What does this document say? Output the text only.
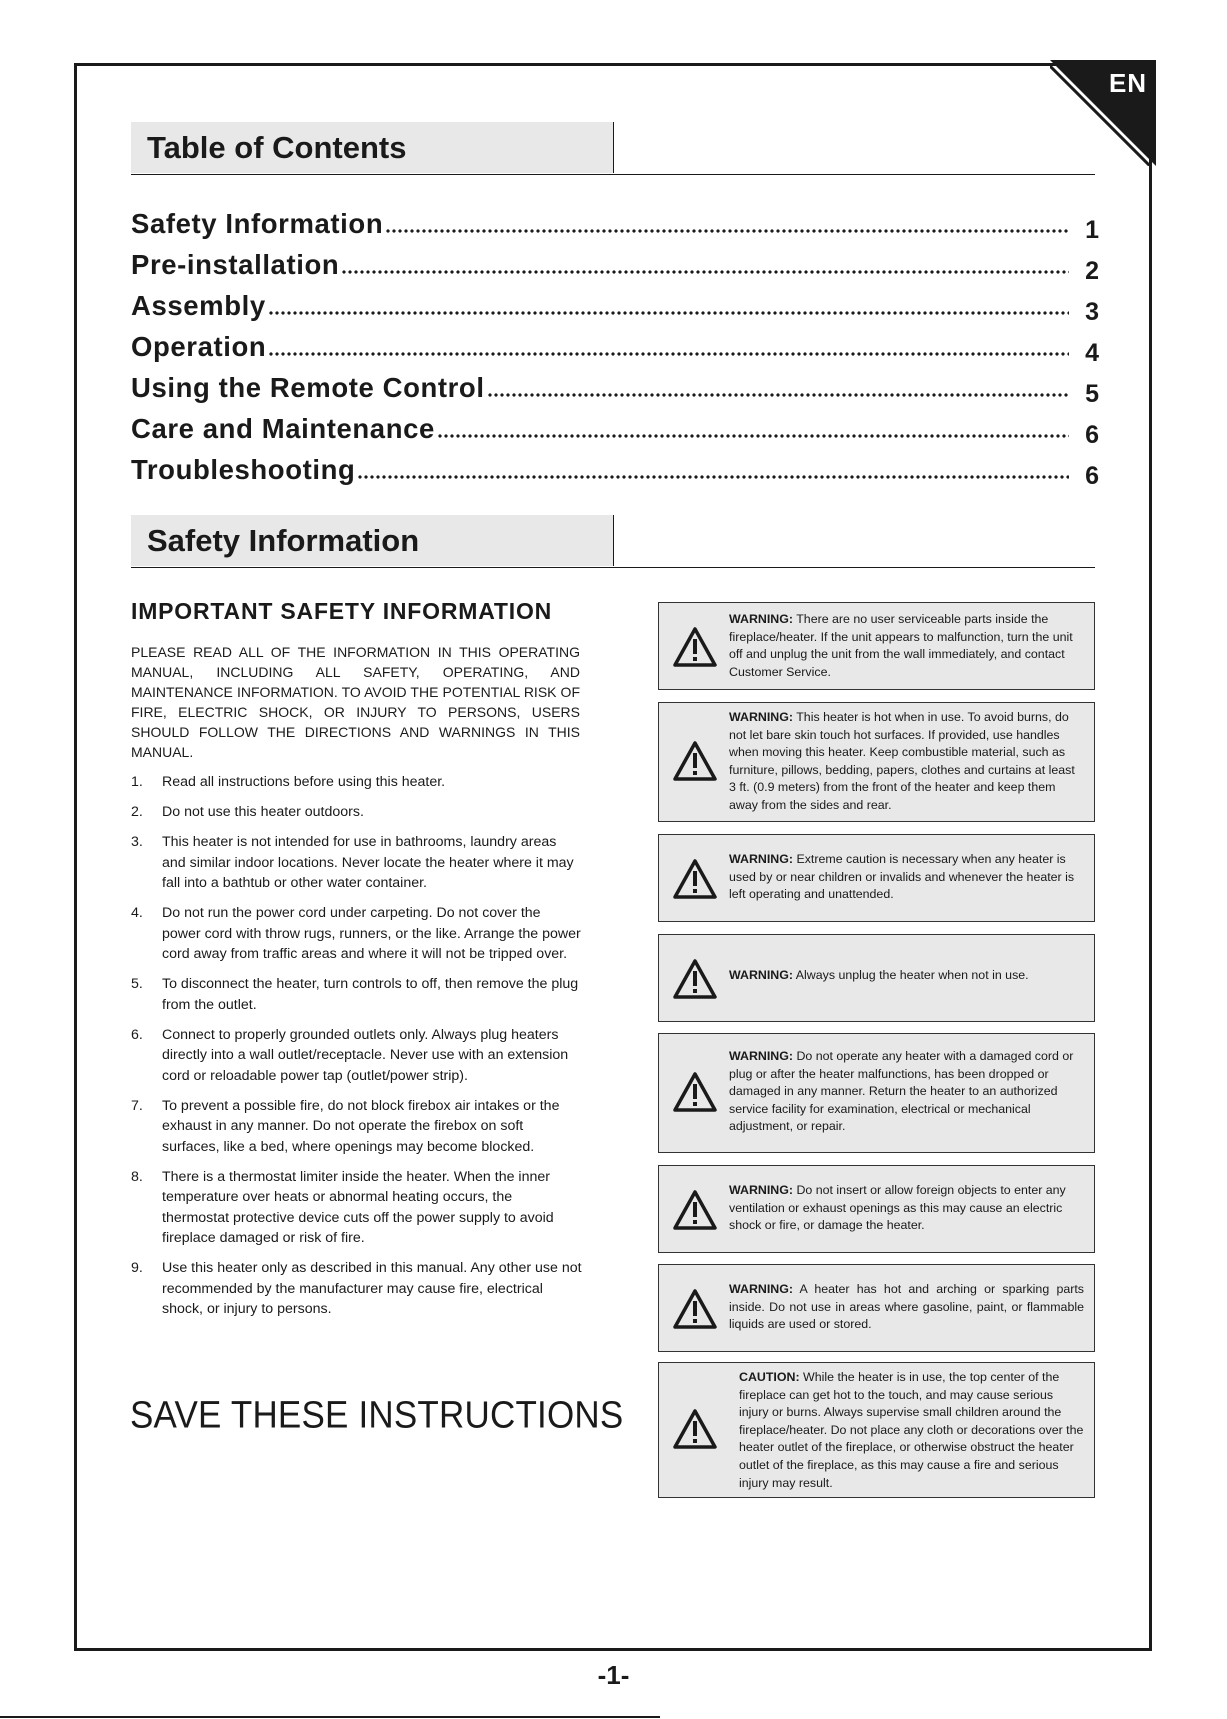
EN
Table of Contents
Safety Information	1
Pre-installation	2
Assembly	3
Operation	4
Using the Remote Control	5
Care and Maintenance	6
Troubleshooting	6
Safety Information
IMPORTANT SAFETY INFORMATION

PLEASE READ ALL OF THE INFORMATION IN THIS OPERATING MANUAL, INCLUDING ALL SAFETY, OPERATING, AND MAINTENANCE INFORMATION. TO AVOID THE POTENTIAL RISK OF FIRE, ELECTRIC SHOCK, OR INJURY TO PERSONS, USERS SHOULD FOLLOW THE DIRECTIONS AND WARNINGS IN THIS MANUAL.

1. Read all instructions before using this heater.
2. Do not use this heater outdoors.
3. This heater is not intended for use in bathrooms, laundry areas and similar indoor locations. Never locate the heater where it may fall into a bathtub or other water container.
4. Do not run the power cord under carpeting. Do not cover the power cord with throw rugs, runners, or the like. Arrange the power cord away from traffic areas and where it will not be tripped over.
5. To disconnect the heater, turn controls to off, then remove the plug from the outlet.
6. Connect to properly grounded outlets only. Always plug heaters directly into a wall outlet/receptacle. Never use with an extension cord or reloadable power tap (outlet/power strip).
7. To prevent a possible fire, do not block firebox air intakes or the exhaust in any manner. Do not operate the firebox on soft surfaces, like a bed, where openings may become blocked.
8. There is a thermostat limiter inside the heater. When the inner temperature over heats or abnormal heating occurs, the thermostat protective device cuts off the power supply to avoid fireplace damaged or risk of fire.
9. Use this heater only as described in this manual. Any other use not recommended by the manufacturer may cause fire, electrical shock, or injury to persons.
SAVE THESE INSTRUCTIONS
WARNING: There are no user serviceable parts inside the fireplace/heater. If the unit appears to malfunction, turn the unit off and unplug the unit from the wall immediately, and contact Customer Service.
WARNING: This heater is hot when in use. To avoid burns, do not let bare skin touch hot surfaces. If provided, use handles when moving this heater. Keep combustible material, such as furniture, pillows, bedding, papers, clothes and curtains at least 3 ft. (0.9 meters) from the front of the heater and keep them away from the sides and rear.
WARNING: Extreme caution is necessary when any heater is used by or near children or invalids and whenever the heater is left operating and unattended.
WARNING: Always unplug the heater when not in use.
WARNING: Do not operate any heater with a damaged cord or plug or after the heater malfunctions, has been dropped or damaged in any manner. Return the heater to an authorized service facility for examination, electrical or mechanical adjustment, or repair.
WARNING: Do not insert or allow foreign objects to enter any ventilation or exhaust openings as this may cause an electric shock or fire, or damage the heater.
WARNING: A heater has hot and arching or sparking parts inside. Do not use in areas where gasoline, paint, or flammable liquids are used or stored.
CAUTION: While the heater is in use, the top center of the fireplace can get hot to the touch, and may cause serious injury or burns. Always supervise small children around the fireplace/heater. Do not place any cloth or decorations over the heater outlet of the fireplace, or otherwise obstruct the heater outlet of the fireplace, as this may cause a fire and serious injury may result.
-1-
